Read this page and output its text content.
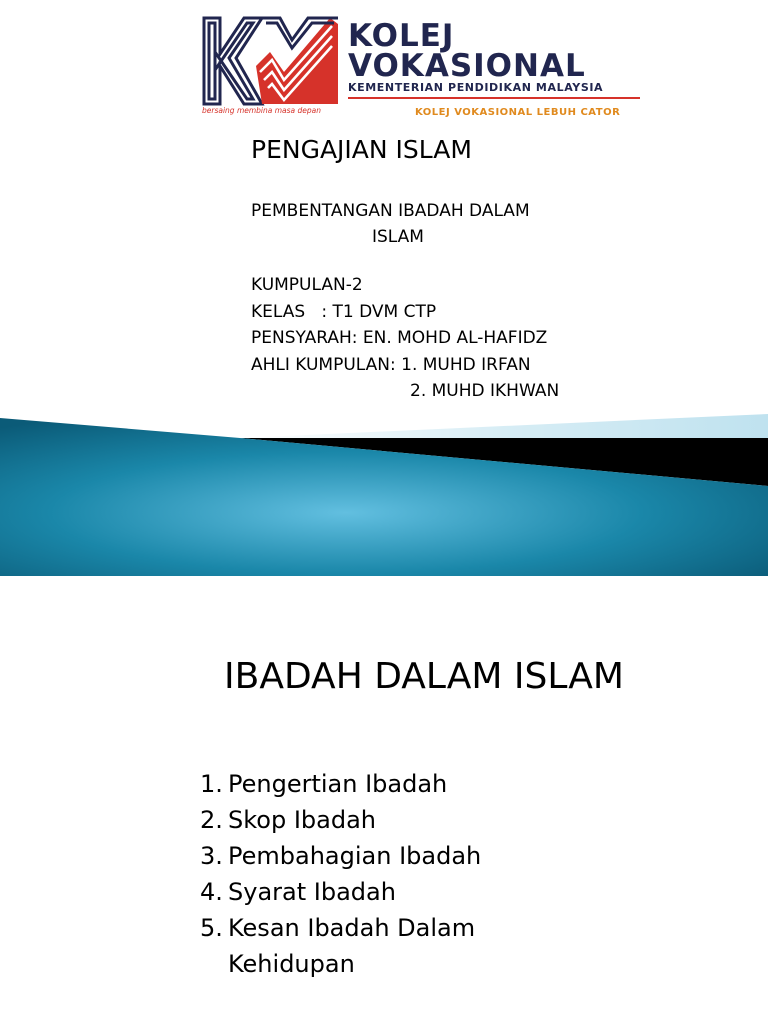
bersaing membina masa depan
KOLEJ
VOKASIONAL
KEMENTERIAN PENDIDIKAN MALAYSIA
KOLEJ VOKASIONAL LEBUH CATOR
PENGAJIAN ISLAM
PEMBENTANGAN IBADAH DALAM
ISLAM
KUMPULAN-2
KELAS   : T1 DVM CTP
PENSYARAH: EN. MOHD AL-HAFIDZ
AHLI KUMPULAN: 1. MUHD IRFAN
2. MUHD IKHWAN
IBADAH DALAM ISLAM
1. Pengertian Ibadah
2. Skop Ibadah
3. Pembahagian Ibadah
4. Syarat Ibadah
5. Kesan Ibadah Dalam
Kehidupan
